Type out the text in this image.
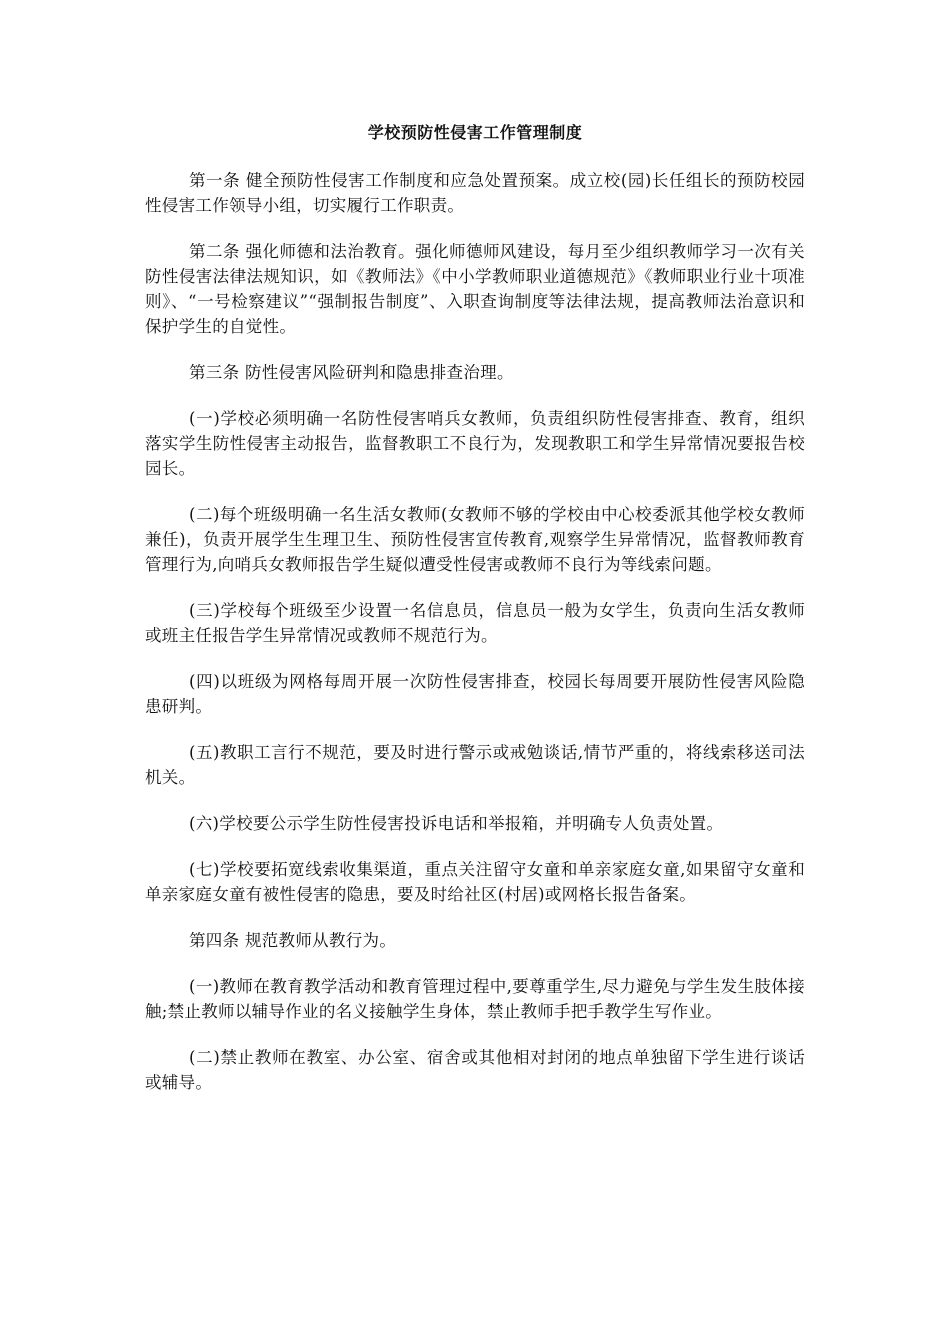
学校预防性侵害工作管理制度

第一条 健全预防性侵害工作制度和应急处置预案。成立校(园)长任组长的预防校园性侵害工作领导小组，切实履行工作职责。

第二条 强化师德和法治教育。强化师德师风建设，每月至少组织教师学习一次有关防性侵害法律法规知识，如《教师法》《中小学教师职业道德规范》《教师职业行业十项准则》、“一号检察建议”“强制报告制度”、入职查询制度等法律法规，提高教师法治意识和保护学生的自觉性。

第三条 防性侵害风险研判和隐患排查治理。

(一)学校必须明确一名防性侵害哨兵女教师，负责组织防性侵害排查、教育，组织落实学生防性侵害主动报告，监督教职工不良行为，发现教职工和学生异常情况要报告校园长。

(二)每个班级明确一名生活女教师(女教师不够的学校由中心校委派其他学校女教师兼任)，负责开展学生生理卫生、预防性侵害宣传教育,观察学生异常情况，监督教师教育管理行为,向哨兵女教师报告学生疑似遭受性侵害或教师不良行为等线索问题。

(三)学校每个班级至少设置一名信息员，信息员一般为女学生，负责向生活女教师或班主任报告学生异常情况或教师不规范行为。

(四)以班级为网格每周开展一次防性侵害排查，校园长每周要开展防性侵害风险隐患研判。

(五)教职工言行不规范，要及时进行警示或戒勉谈话,情节严重的，将线索移送司法机关。

(六)学校要公示学生防性侵害投诉电话和举报箱，并明确专人负责处置。

(七)学校要拓宽线索收集渠道，重点关注留守女童和单亲家庭女童,如果留守女童和单亲家庭女童有被性侵害的隐患，要及时给社区(村居)或网格长报告备案。

第四条 规范教师从教行为。

(一)教师在教育教学活动和教育管理过程中,要尊重学生,尽力避免与学生发生肢体接触;禁止教师以辅导作业的名义接触学生身体，禁止教师手把手教学生写作业。

(二)禁止教师在教室、办公室、宿舍或其他相对封闭的地点单独留下学生进行谈话或辅导。
